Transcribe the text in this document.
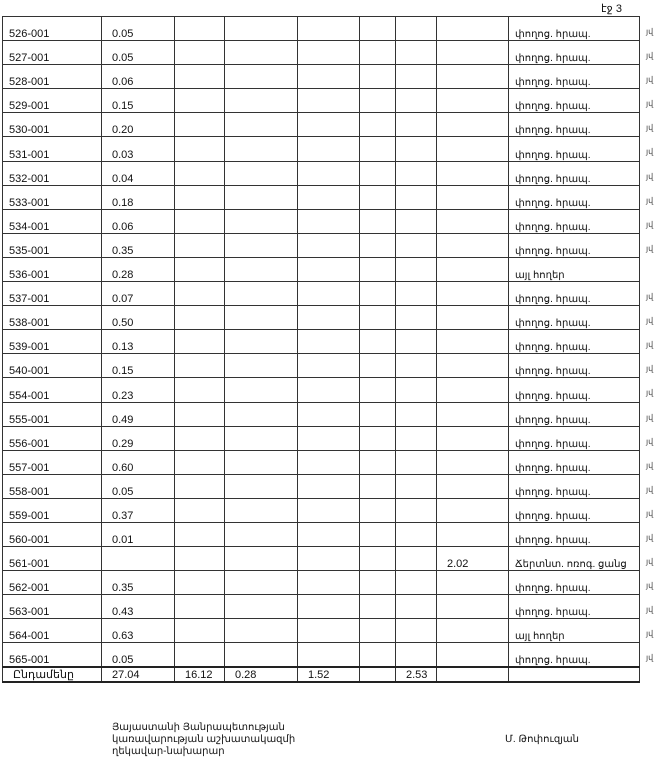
էջ 3
526-001	0.05							փողոց. հրապ.
527-001	0.05							փողոց. հրապ.
528-001	0.06							փողոց. հրապ.
529-001	0.15							փողոց. հրապ.
530-001	0.20							փողոց. հրապ.
531-001	0.03							փողոց. հրապ.
532-001	0.04							փողոց. հրապ.
533-001	0.18							փողոց. հրապ.
534-001	0.06							փողոց. հրապ.
535-001	0.35							փողոց. հրապ.
536-001	0.28							այլ հողեր
537-001	0.07							փողոց. հրապ.
538-001	0.50							փողոց. հրապ.
539-001	0.13							փողոց. հրապ.
540-001	0.15							փողոց. հրապ.
554-001	0.23							փողոց. հրապ.
555-001	0.49							փողոց. հրապ.
556-001	0.29							փողոց. հրապ.
557-001	0.60							փողոց. հրապ.
558-001	0.05							փողոց. հրապ.
559-001	0.37							փողոց. հրապ.
560-001	0.01							փողոց. հրապ.
561-001							2.02	Ճերտնտ. ոռոգ. ցանց
562-001	0.35							փողոց. հրապ.
563-001	0.43							փողոց. հրապ.
564-001	0.63							այլ հողեր
565-001	0.05							փողոց. հրապ.
Ընդամենը	27.04	16.12	0.28	1.52		2.53		
յվ
յվ
յվ
յվ
յվ
յվ
յվ
յվ
յվ
յվ
յվ
յվ
յվ
յվ
յվ
յվ
յվ
յվ
յվ
յվ
յվ
յվ
յվ
յվ
յվ
յվ
Յայաստանի Յանրապետության
կառավարության աշխատակազմի
ղեկավար-նախարար
Մ. Թոփուզյան
